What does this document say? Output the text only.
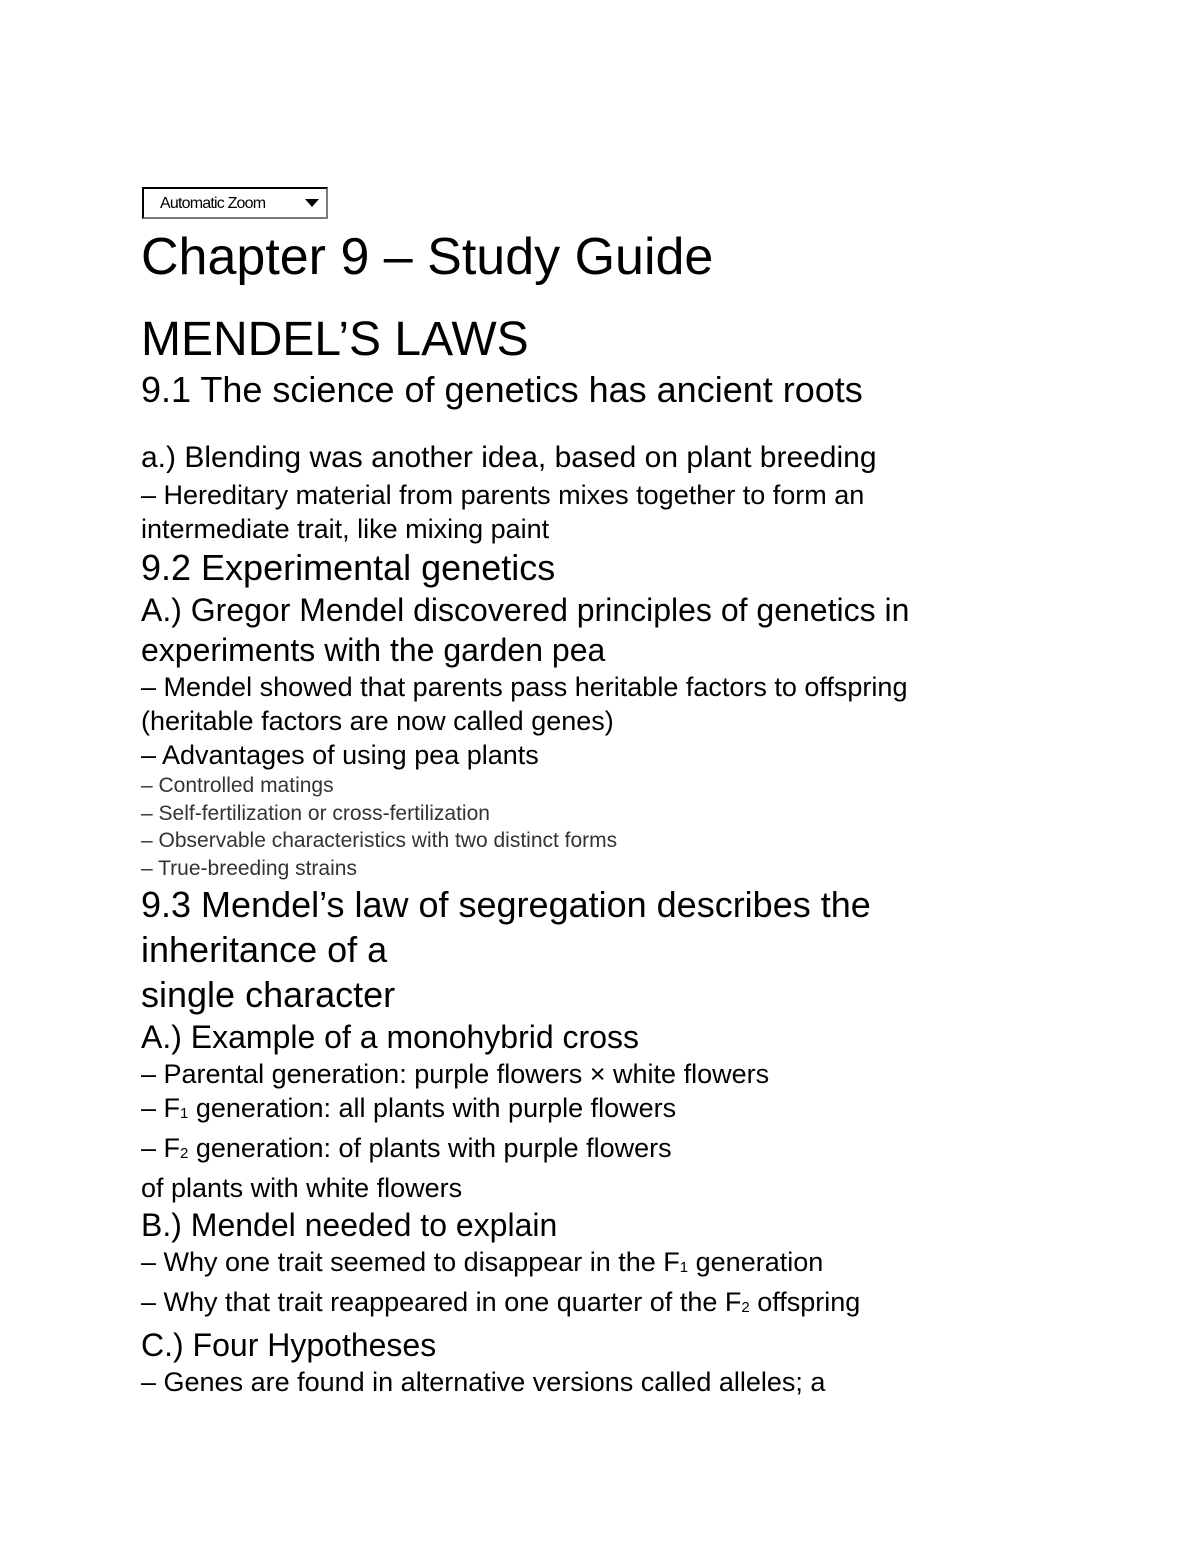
Automatic Zoom
Chapter 9 – Study Guide
MENDEL’S LAWS
9.1 The science of genetics has ancient roots

a.) Blending was another idea, based on plant breeding

– Hereditary material from parents mixes together to form an

intermediate trait, like mixing paint

9.2 Experimental genetics

A.) Gregor Mendel discovered principles of genetics in

experiments with the garden pea

– Mendel showed that parents pass heritable factors to offspring

(heritable factors are now called genes)

– Advantages of using pea plants

– Controlled matings

– Self-fertilization or cross-fertilization

– Observable characteristics with two distinct forms

– True-breeding strains

9.3 Mendel’s law of segregation describes the
inheritance of a
single character

A.) Example of a monohybrid cross

– Parental generation: purple flowers × white flowers

– F1 generation: all plants with purple flowers

– F2 generation: of plants with purple flowers

of plants with white flowers

B.) Mendel needed to explain

– Why one trait seemed to disappear in the F1 generation

– Why that trait reappeared in one quarter of the F2 offspring

C.) Four Hypotheses

– Genes are found in alternative versions called alleles; a
